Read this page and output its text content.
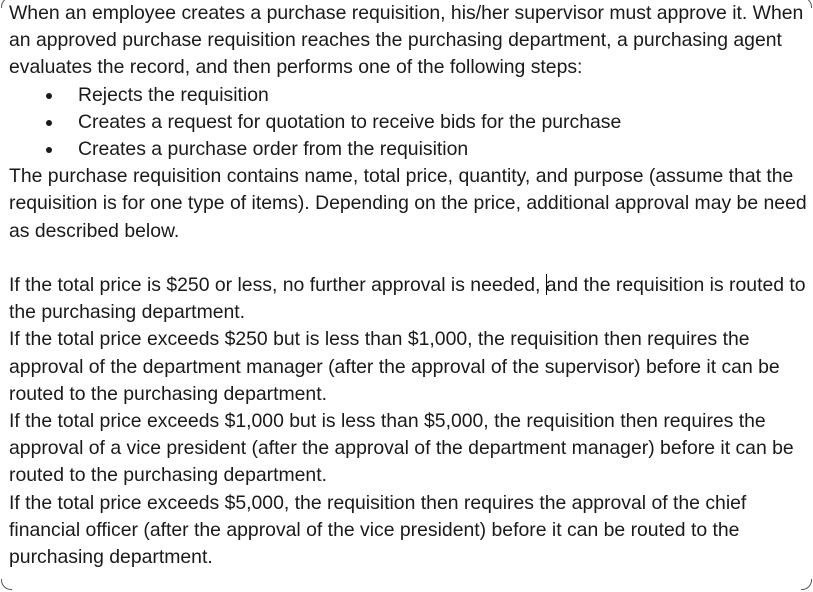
When an employee creates a purchase requisition, his/her supervisor must approve it. When an approved purchase requisition reaches the purchasing department, a purchasing agent evaluates the record, and then performs one of the following steps:

Rejects the requisition
Creates a request for quotation to receive bids for the purchase
Creates a purchase order from the requisition

The purchase requisition contains name, total price, quantity, and purpose (assume that the requisition is for one type of items). Depending on the price, additional approval may be need as described below.

If the total price is $250 or less, no further approval is needed, and the requisition is routed to the purchasing department.

If the total price exceeds $250 but is less than $1,000, the requisition then requires the approval of the department manager (after the approval of the supervisor) before it can be routed to the purchasing department.

If the total price exceeds $1,000 but is less than $5,000, the requisition then requires the approval of a vice president (after the approval of the department manager) before it can be routed to the purchasing department.

If the total price exceeds $5,000, the requisition then requires the approval of the chief financial officer (after the approval of the vice president) before it can be routed to the purchasing department.
